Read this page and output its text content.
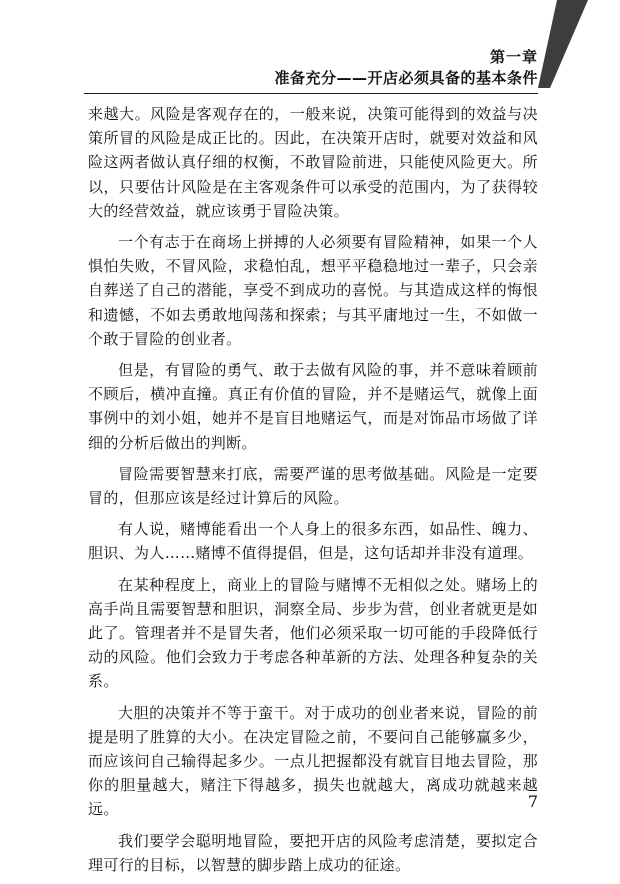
第一章
准备充分——开店必须具备的基本条件

来越大。风险是客观存在的，一般来说，决策可能得到的效益与决策所冒的风险是成正比的。因此，在决策开店时，就要对效益和风险这两者做认真仔细的权衡，不敢冒险前进，只能使风险更大。所以，只要估计风险是在主客观条件可以承受的范围内，为了获得较大的经营效益，就应该勇于冒险决策。

一个有志于在商场上拼搏的人必须要有冒险精神，如果一个人惧怕失败，不冒风险，求稳怕乱，想平平稳稳地过一辈子，只会亲自葬送了自己的潜能，享受不到成功的喜悦。与其造成这样的悔恨和遗憾，不如去勇敢地闯荡和探索；与其平庸地过一生，不如做一个敢于冒险的创业者。

但是，有冒险的勇气、敢于去做有风险的事，并不意味着顾前不顾后，横冲直撞。真正有价值的冒险，并不是赌运气，就像上面事例中的刘小姐，她并不是盲目地赌运气，而是对饰品市场做了详细的分析后做出的判断。

冒险需要智慧来打底，需要严谨的思考做基础。风险是一定要冒的，但那应该是经过计算后的风险。

有人说，赌博能看出一个人身上的很多东西，如品性、魄力、胆识、为人……赌博不值得提倡，但是，这句话却并非没有道理。

在某种程度上，商业上的冒险与赌博不无相似之处。赌场上的高手尚且需要智慧和胆识，洞察全局、步步为营，创业者就更是如此了。管理者并不是冒失者，他们必须采取一切可能的手段降低行动的风险。他们会致力于考虑各种革新的方法、处理各种复杂的关系。

大胆的决策并不等于蛮干。对于成功的创业者来说，冒险的前提是明了胜算的大小。在决定冒险之前，不要问自己能够赢多少，而应该问自己输得起多少。一点儿把握都没有就盲目地去冒险，那你的胆量越大，赌注下得越多，损失也就越大，离成功就越来越远。

我们要学会聪明地冒险，要把开店的风险考虑清楚，要拟定合理可行的目标，以智慧的脚步踏上成功的征途。

7
